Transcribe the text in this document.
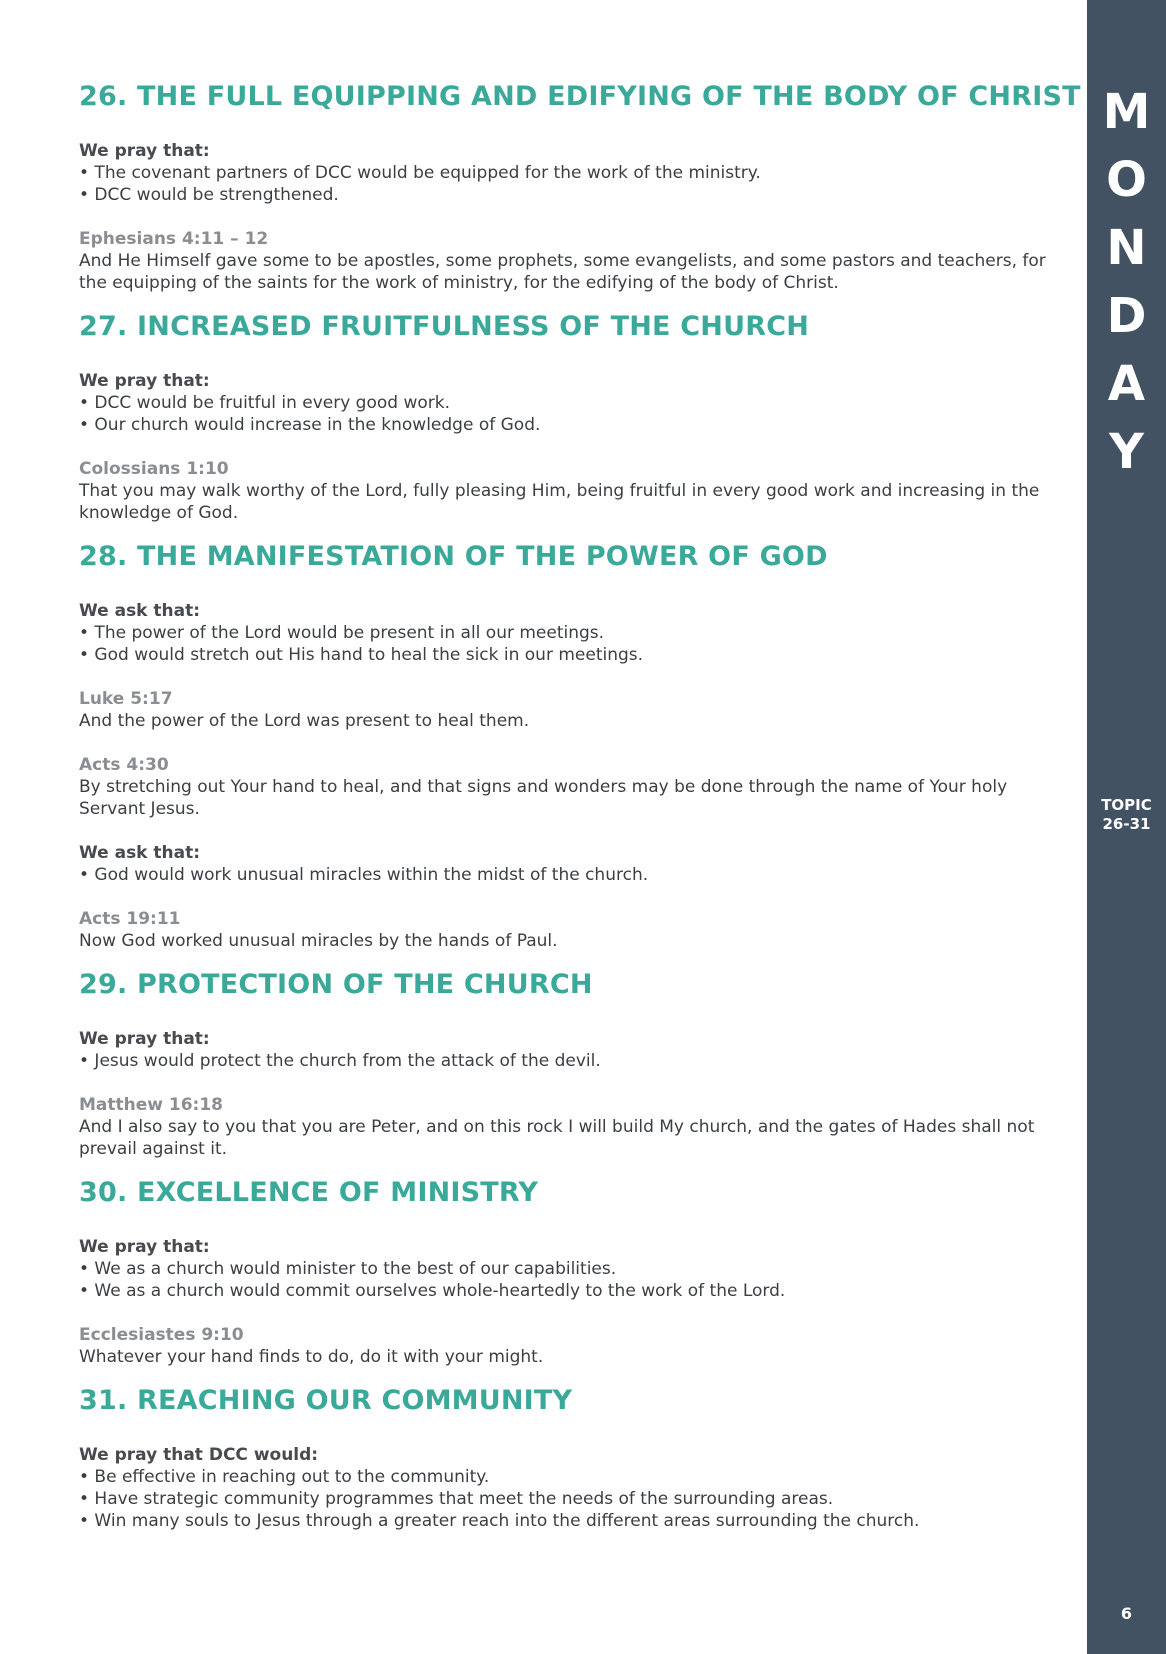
26. THE FULL EQUIPPING AND EDIFYING OF THE BODY OF CHRIST
We pray that:
• The covenant partners of DCC would be equipped for the work of the ministry.
• DCC would be strengthened.
Ephesians 4:11 – 12
And He Himself gave some to be apostles, some prophets, some evangelists, and some pastors and teachers, for the equipping of the saints for the work of ministry, for the edifying of the body of Christ.
27. INCREASED FRUITFULNESS OF THE CHURCH
We pray that:
• DCC would be fruitful in every good work.
• Our church would increase in the knowledge of God.
Colossians 1:10
That you may walk worthy of the Lord, fully pleasing Him, being fruitful in every good work and increasing in the knowledge of God.
28. THE MANIFESTATION OF THE POWER OF GOD
We ask that:
• The power of the Lord would be present in all our meetings.
• God would stretch out His hand to heal the sick in our meetings.
Luke 5:17
And the power of the Lord was present to heal them.
Acts 4:30
By stretching out Your hand to heal, and that signs and wonders may be done through the name of Your holy Servant Jesus.
We ask that:
• God would work unusual miracles within the midst of the church.
Acts 19:11
Now God worked unusual miracles by the hands of Paul.
29. PROTECTION OF THE CHURCH
We pray that:
• Jesus would protect the church from the attack of the devil.
Matthew 16:18
And I also say to you that you are Peter, and on this rock I will build My church, and the gates of Hades shall not prevail against it.
30. EXCELLENCE OF MINISTRY
We pray that:
• We as a church would minister to the best of our capabilities.
• We as a church would commit ourselves whole-heartedly to the work of the Lord.
Ecclesiastes 9:10
Whatever your hand finds to do, do it with your might.
31. REACHING OUR COMMUNITY
We pray that DCC would:
• Be effective in reaching out to the community.
• Have strategic community programmes that meet the needs of the surrounding areas.
• Win many souls to Jesus through a greater reach into the different areas surrounding the church.
M
O
N
D
A
Y
TOPIC
26-31
6
